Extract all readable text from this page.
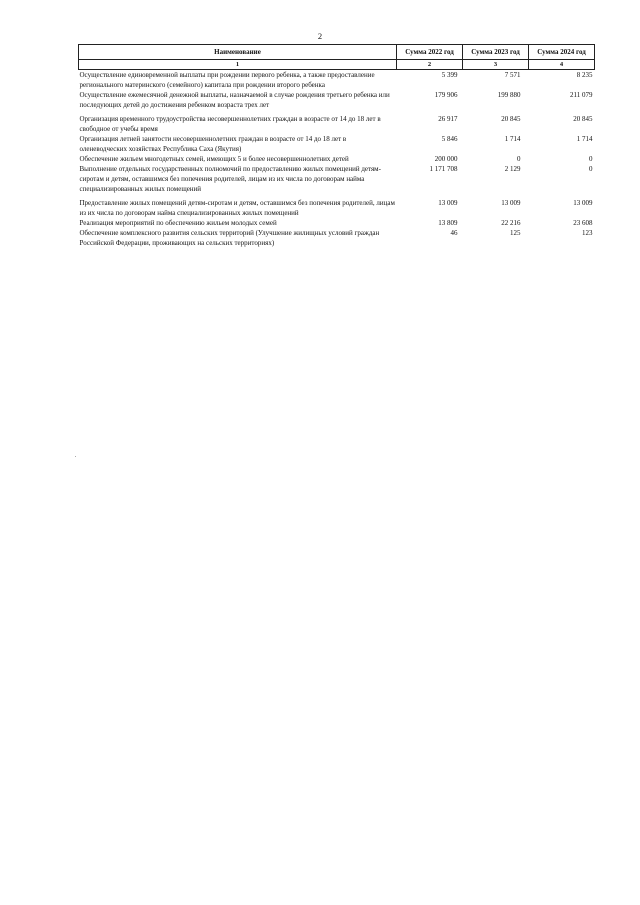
2
Наименование	Сумма 2022 год	Сумма 2023 год	Сумма 2024 год
1	2	3	4
Осуществление единовременной выплаты при рождении первого ребенка, а также предоставление регионального материнского (семейного) капитала при рождении второго ребенка	5 399	7 571	8 235
Осуществление ежемесячной денежной выплаты, назначаемой в случае рождения третьего ребенка или последующих детей до достижения ребенком возраста трех лет	179 906	199 880	211 079

Организация временного трудоустройства несовершеннолетних граждан в возрасте от 14 до 18 лет в свободное от учебы время	26 917	20 845	20 845
Организация летней занятости несовершеннолетних граждан в возрасте от 14 до 18 лет в оленеводческих хозяйствах Республика Саха (Якутия)	5 846	1 714	1 714
Обеспечение жильем многодетных семей, имеющих 5 и более несовершеннолетних детей	200 000	0	0
Выполнение отдельных государственных полномочий по предоставлению жилых помещений детям-сиротам и детям, оставшимся без попечения родителей, лицам из их числа по договорам найма специализированных жилых помещений	1 171 708	2 129	0

Предоставление жилых помещений детям-сиротам и детям, оставшимся без попечения родителей, лицам из их числа по договорам найма специализированных жилых помещений	13 009	13 009	13 009
Реализация мероприятий по обеспечению жильем молодых семей	13 809	22 216	23 608
Обеспечение комплексного развития сельских территорий (Улучшение жилищных условий граждан Российской Федерации, проживающих на сельских территориях)	46	125	123
